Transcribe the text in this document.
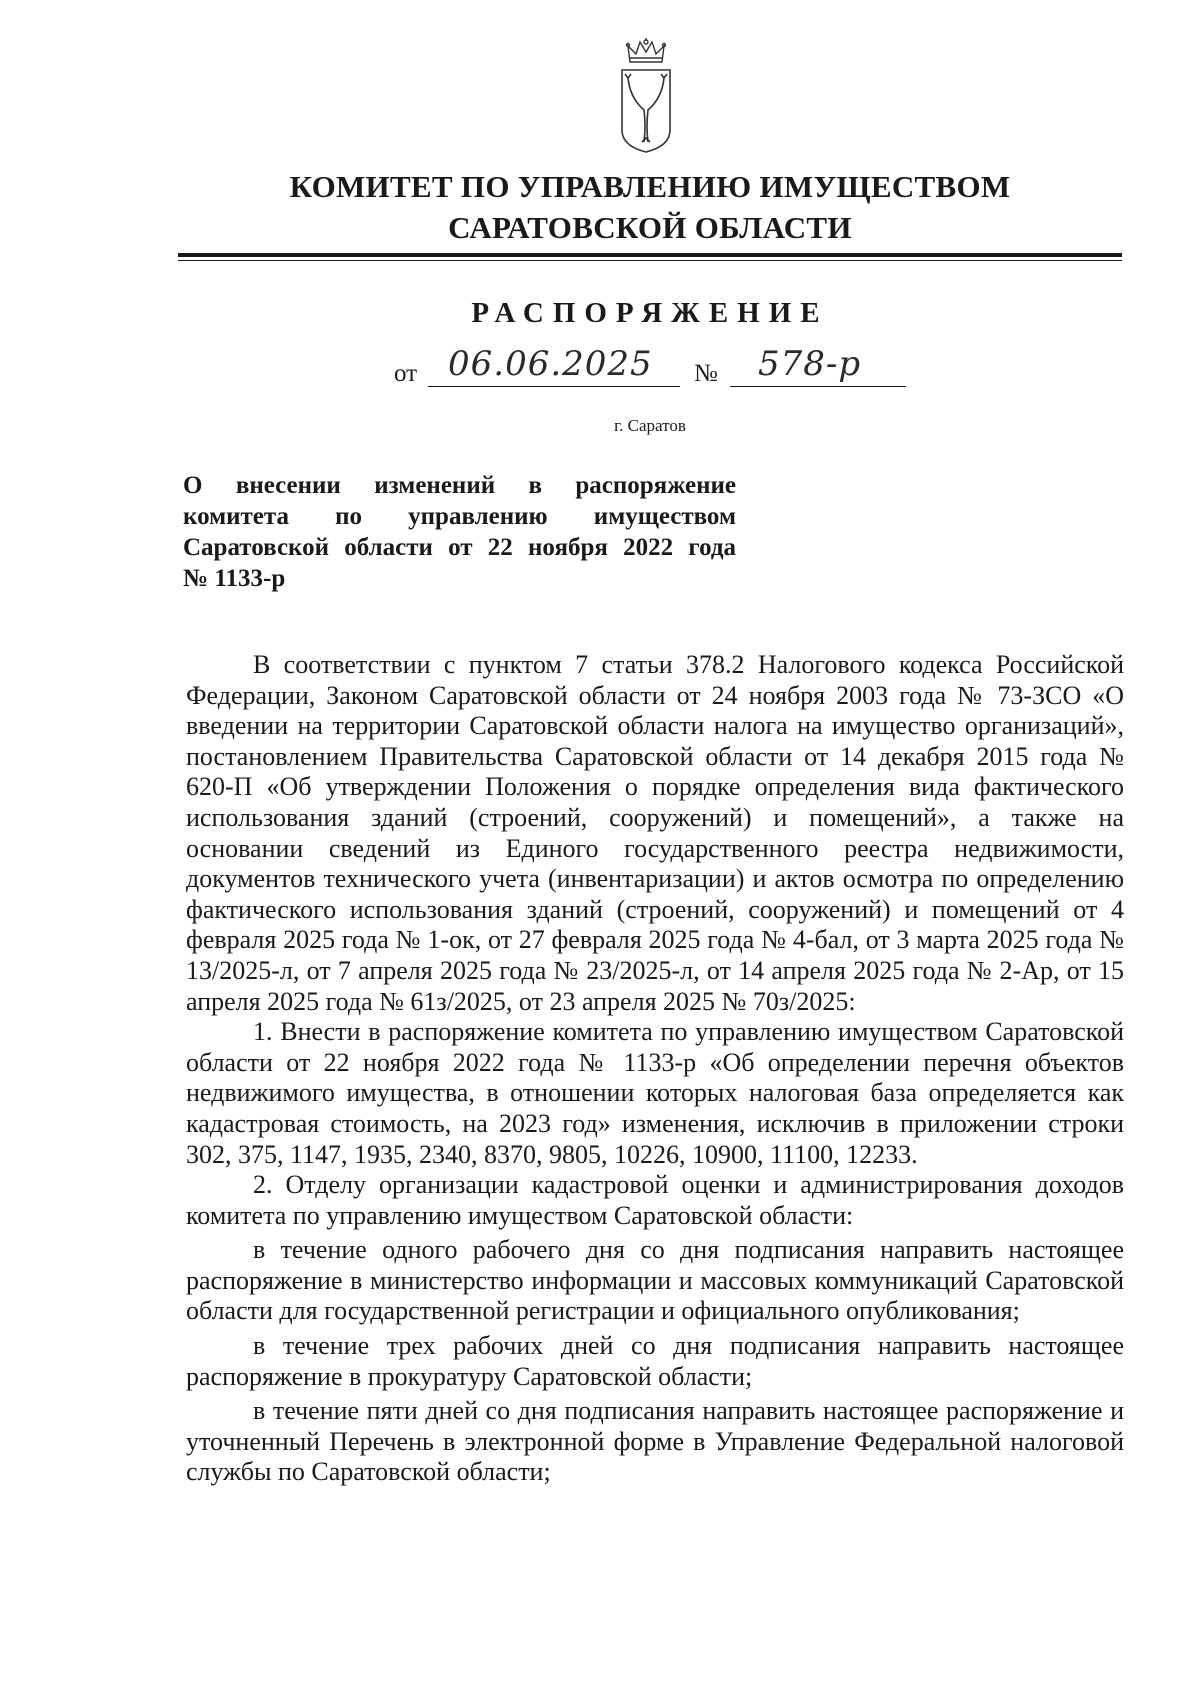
КОМИТЕТ ПО УПРАВЛЕНИЮ ИМУЩЕСТВОМ
САРАТОВСКОЙ ОБЛАСТИ
РАСПОРЯЖЕНИЕ
от 06.06.2025 № 578-р
г. Саратов
О внесении изменений в распоряжение
комитета по управлению имуществом
Саратовской области от 22 ноября 2022 года
№ 1133-р

В соответствии с пунктом 7 статьи 378.2 Налогового кодекса Российской Федерации, Законом Саратовской области от 24 ноября 2003 года № 73-ЗСО «О введении на территории Саратовской области налога на имущество организаций», постановлением Правительства Саратовской области от 14 декабря 2015 года № 620-П «Об утверждении Положения о порядке определения вида фактического использования зданий (строений, сооружений) и помещений», а также на основании сведений из Единого государственного реестра недвижимости, документов технического учета (инвентаризации) и актов осмотра по определению фактического использования зданий (строений, сооружений) и помещений от 4 февраля 2025 года № 1-ок, от 27 февраля 2025 года № 4-бал, от 3 марта 2025 года № 13/2025-л, от 7 апреля 2025 года № 23/2025-л, от 14 апреля 2025 года № 2-Ар, от 15 апреля 2025 года № 61з/2025, от 23 апреля 2025 № 70з/2025:

1. Внести в распоряжение комитета по управлению имуществом Саратовской области от 22 ноября 2022 года № 1133-р «Об определении перечня объектов недвижимого имущества, в отношении которых налоговая база определяется как кадастровая стоимость, на 2023 год» изменения, исключив в приложении строки 302, 375, 1147, 1935, 2340, 8370, 9805, 10226, 10900, 11100, 12233.

2. Отделу организации кадастровой оценки и администрирования доходов комитета по управлению имуществом Саратовской области:

в течение одного рабочего дня со дня подписания направить настоящее распоряжение в министерство информации и массовых коммуникаций Саратовской области для государственной регистрации и официального опубликования;

в течение трех рабочих дней со дня подписания направить настоящее распоряжение в прокуратуру Саратовской области;

в течение пяти дней со дня подписания направить настоящее распоряжение и уточненный Перечень в электронной форме в Управление Федеральной налоговой службы по Саратовской области;
